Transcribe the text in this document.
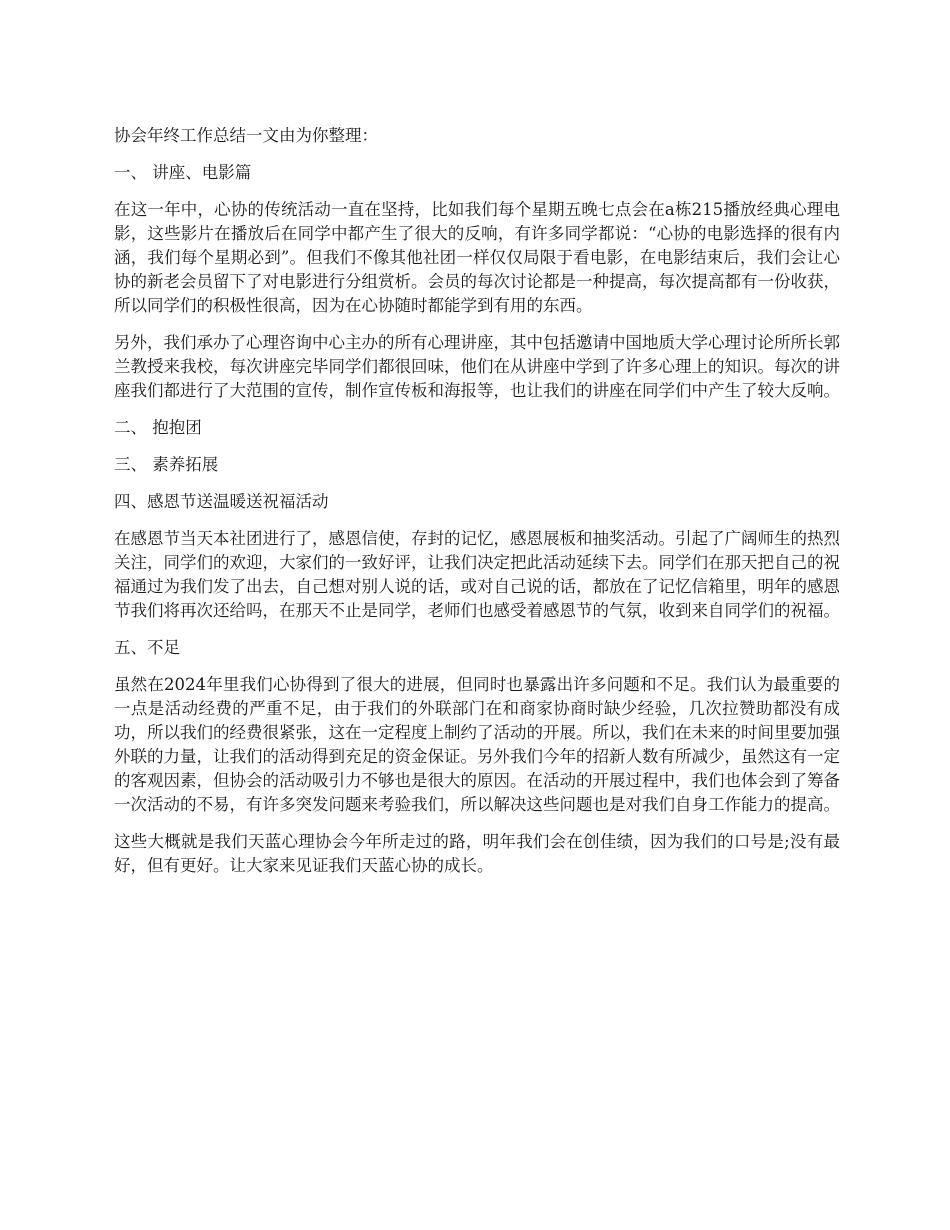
协会年终工作总结一文由为你整理：

一、 讲座、电影篇

在这一年中，心协的传统活动一直在坚持，比如我们每个星期五晚七点会在a栋215播放经典心理电影，这些影片在播放后在同学中都产生了很大的反响，有许多同学都说：“心协的电影选择的很有内涵，我们每个星期必到”。但我们不像其他社团一样仅仅局限于看电影，在电影结束后，我们会让心协的新老会员留下了对电影进行分组赏析。会员的每次讨论都是一种提高，每次提高都有一份收获，所以同学们的积极性很高，因为在心协随时都能学到有用的东西。

另外，我们承办了心理咨询中心主办的所有心理讲座，其中包括邀请中国地质大学心理讨论所所长郭兰教授来我校，每次讲座完毕同学们都很回味，他们在从讲座中学到了许多心理上的知识。每次的讲座我们都进行了大范围的宣传，制作宣传板和海报等，也让我们的讲座在同学们中产生了较大反响。

二、 抱抱团

三、 素养拓展

四、感恩节送温暖送祝福活动

在感恩节当天本社团进行了，感恩信使，存封的记忆，感恩展板和抽奖活动。引起了广阔师生的热烈关注，同学们的欢迎，大家们的一致好评，让我们决定把此活动延续下去。同学们在那天把自己的祝福通过为我们发了出去，自己想对别人说的话，或对自己说的话，都放在了记忆信箱里，明年的感恩节我们将再次还给吗，在那天不止是同学，老师们也感受着感恩节的气氛，收到来自同学们的祝福。

五、不足

虽然在2024年里我们心协得到了很大的进展，但同时也暴露出许多问题和不足。我们认为最重要的一点是活动经费的严重不足，由于我们的外联部门在和商家协商时缺少经验，几次拉赞助都没有成功，所以我们的经费很紧张，这在一定程度上制约了活动的开展。所以，我们在未来的时间里要加强外联的力量，让我们的活动得到充足的资金保证。另外我们今年的招新人数有所减少，虽然这有一定的客观因素，但协会的活动吸引力不够也是很大的原因。在活动的开展过程中，我们也体会到了筹备一次活动的不易，有许多突发问题来考验我们，所以解决这些问题也是对我们自身工作能力的提高。

这些大概就是我们天蓝心理协会今年所走过的路，明年我们会在创佳绩，因为我们的口号是;没有最好，但有更好。让大家来见证我们天蓝心协的成长。
